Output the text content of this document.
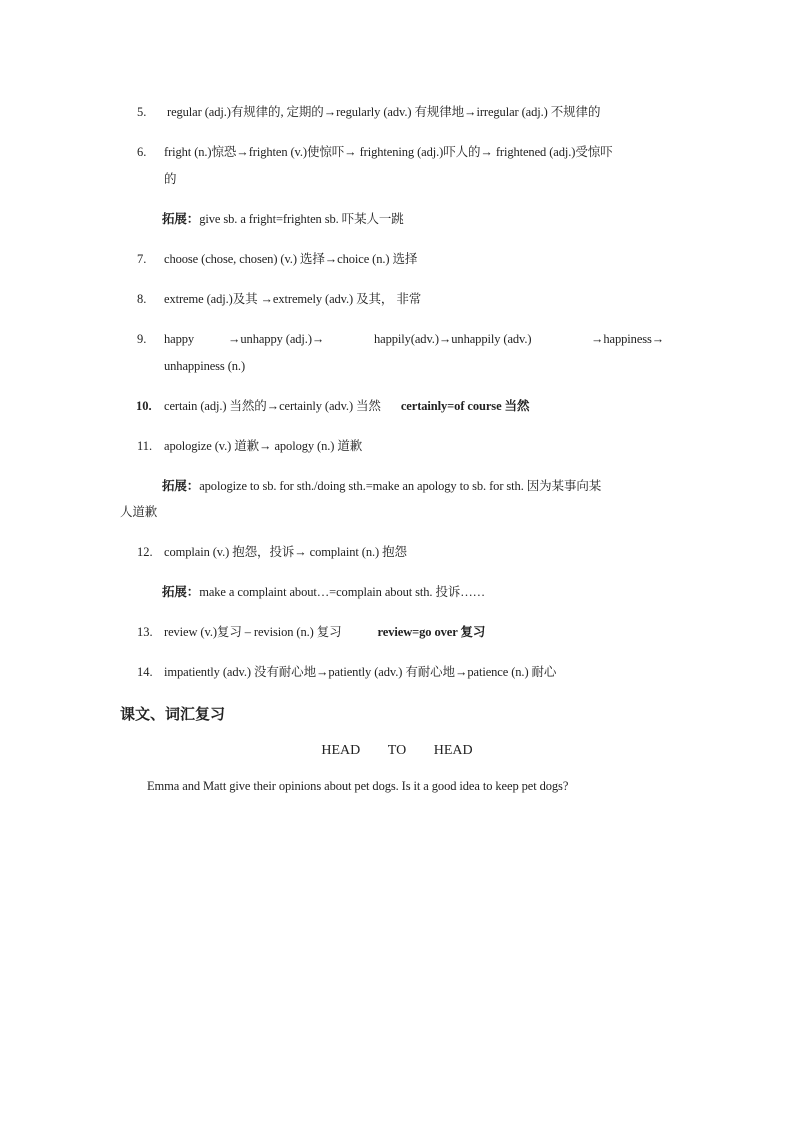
5. regular (adj.)有规律的, 定期的→regularly (adv.) 有规律地→irregular (adj.) 不规律的
6. fright (n.)惊恐→frighten (v.)使惊吓→ frightening (adj.)吓人的→ frightened (adj.)受惊吓
的
拓展：give sb. a fright=frighten sb. 吓某人一跳
7. choose (chose, chosen) (v.) 选择→choice (n.) 选择
8. extreme (adj.)及其 →extremely (adv.) 及其， 非常
9. happy	→unhappy (adj.)→	happily(adv.)→unhappily (adv.)	→happiness→
unhappiness (n.)
10. certain (adj.) 当然的→certainly (adv.) 当然 certainly=of course 当然
11. apologize (v.) 道歉→ apology (n.) 道歉
拓展：apologize to sb. for sth./doing sth.=make an apology to sb. for sth. 因为某事向某
人道歉
12. complain (v.) 抱怨，投诉→ complaint (n.) 抱怨
拓展：make a complaint about…=complain about sth. 投诉……
13. review (v.)复习 – revision (n.) 复习	review=go over 复习
14. impatiently (adv.) 没有耐心地→patiently (adv.) 有耐心地→patience (n.) 耐心
课文、词汇复习
HEAD TO HEAD
Emma and Matt give their opinions about pet dogs. Is it a good idea to keep pet dogs?
